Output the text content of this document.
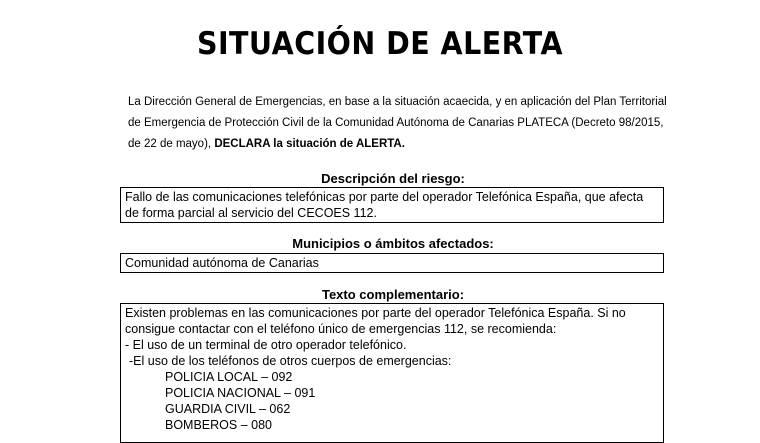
SITUACIÓN DE ALERTA

La Dirección General de Emergencias, en base a la situación acaecida, y en aplicación del Plan Territorial

de Emergencia de Protección Civil de la Comunidad Autónoma de Canarias PLATECA (Decreto 98/2015,

de 22 de mayo), DECLARA la situación de ALERTA.

Descripción del riesgo:

Fallo de las comunicaciones telefónicas por parte del operador Telefónica España, que afecta de forma parcial al servicio del CECOES 112.

Municipios o ámbitos afectados:

Comunidad autónoma de Canarias

Texto complementario:

Existen problemas en las comunicaciones por parte del operador Telefónica España. Si no consigue contactar con el teléfono único de emergencias 112, se recomienda:

- El uso de un terminal de otro operador telefónico.

-El uso de los teléfonos de otros cuerpos de emergencias:

POLICIA LOCAL – 092

POLICIA NACIONAL – 091

GUARDIA CIVIL – 062

BOMBEROS – 080
